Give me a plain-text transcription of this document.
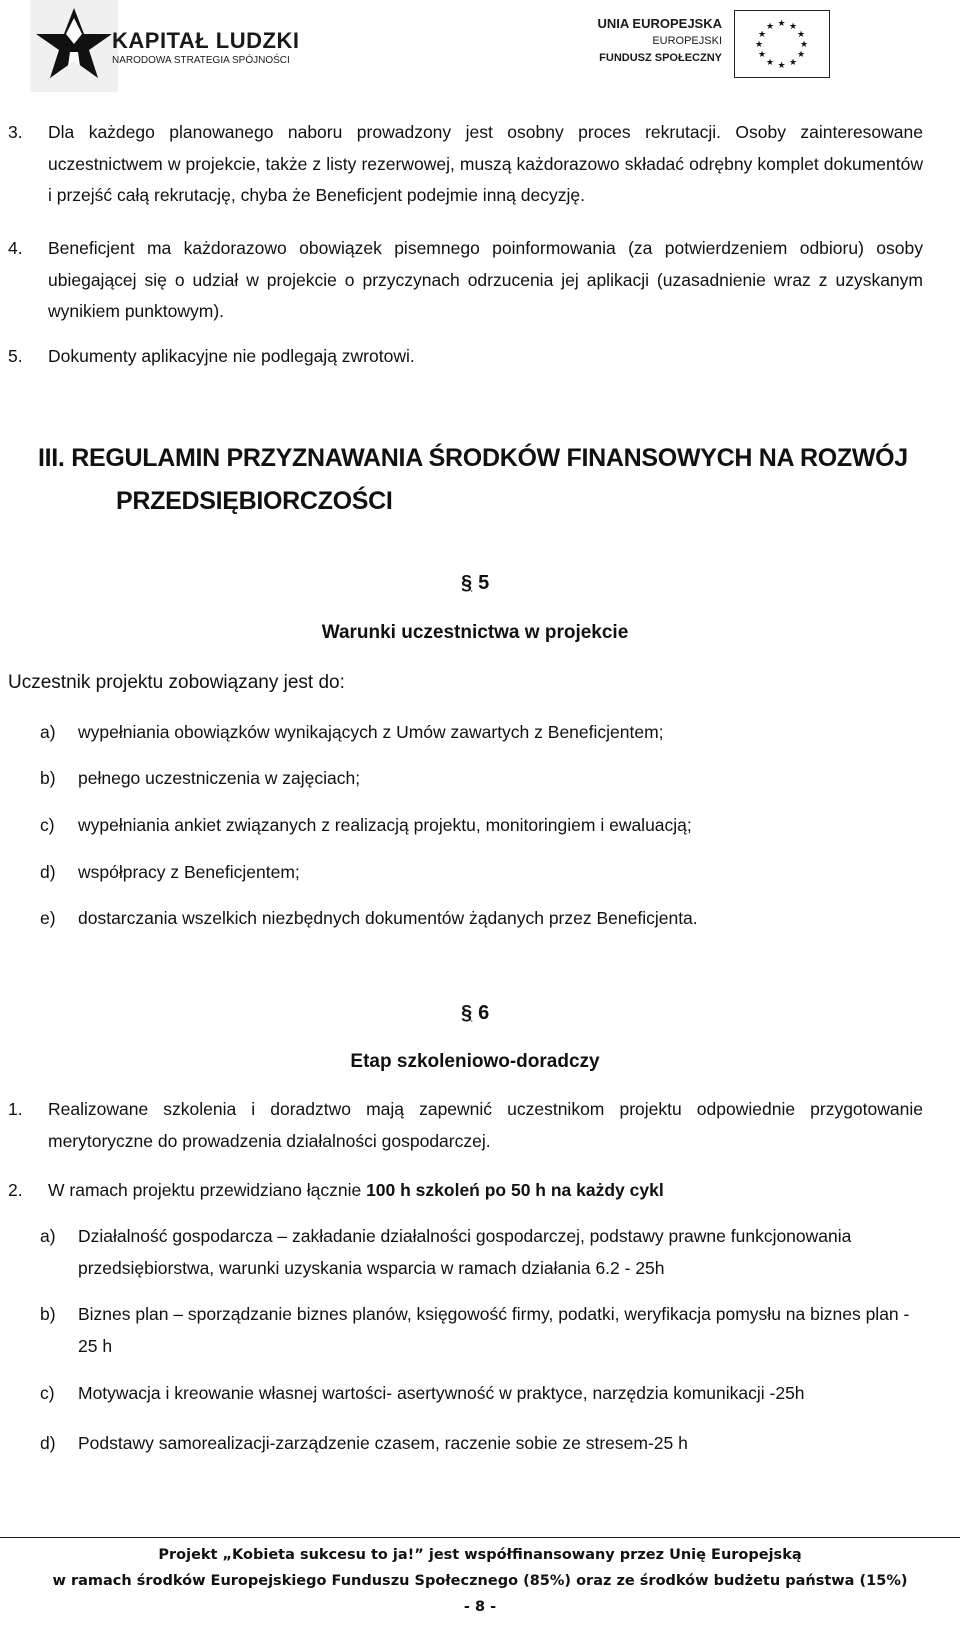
KAPITAŁ LUDZKI
NARODOWA STRATEGIA SPÓJNOŚCI
UNIA EUROPEJSKA
EUROPEJSKI
FUNDUSZ SPOŁECZNY
★ ★
★
★
★
★
★
★
★
★
★
★
3. Dla każdego planowanego naboru prowadzony jest osobny proces rekrutacji. Osoby zainteresowane uczestnictwem w projekcie, także z listy rezerwowej, muszą każdorazowo składać odrębny komplet dokumentów i przejść całą rekrutację, chyba że Beneficjent podejmie inną decyzję.
4. Beneficjent ma każdorazowo obowiązek pisemnego poinformowania (za potwierdzeniem odbioru) osoby ubiegającej się o udział w projekcie o przyczynach odrzucenia jej aplikacji (uzasadnienie wraz z uzyskanym wynikiem punktowym).
5. Dokumenty aplikacyjne nie podlegają zwrotowi.
III. REGULAMIN PRZYZNAWANIA ŚRODKÓW FINANSOWYCH NA ROZWÓJ
PRZEDSIĘBIORCZOŚCI
§ 5
Warunki uczestnictwa w projekcie
Uczestnik projektu zobowiązany jest do:
a) wypełniania obowiązków wynikających z Umów zawartych z Beneficjentem;
b) pełnego uczestniczenia w zajęciach;
c) wypełniania ankiet związanych z realizacją projektu, monitoringiem i ewaluacją;
d) współpracy z Beneficjentem;
e) dostarczania wszelkich niezbędnych dokumentów żądanych przez Beneficjenta.
§ 6
Etap szkoleniowo-doradczy
1. Realizowane szkolenia i doradztwo mają zapewnić uczestnikom projektu odpowiednie przygotowanie merytoryczne do prowadzenia działalności gospodarczej.
2. W ramach projektu przewidziano łącznie 100 h szkoleń po 50 h na każdy cykl
a) Działalność gospodarcza – zakładanie działalności gospodarczej, podstawy prawne funkcjonowania przedsiębiorstwa, warunki uzyskania wsparcia w ramach działania 6.2 - 25h
b) Biznes plan – sporządzanie biznes planów, księgowość firmy, podatki, weryfikacja pomysłu na biznes plan - 25 h
c) Motywacja i kreowanie własnej wartości- asertywność w praktyce, narzędzia komunikacji -25h
d) Podstawy samorealizacji-zarządzenie czasem, raczenie sobie ze stresem-25 h
Projekt „Kobieta sukcesu to ja!” jest współfinansowany przez Unię Europejską
w ramach środków Europejskiego Funduszu Społecznego (85%) oraz ze środków budżetu państwa (15%)
- 8 -
